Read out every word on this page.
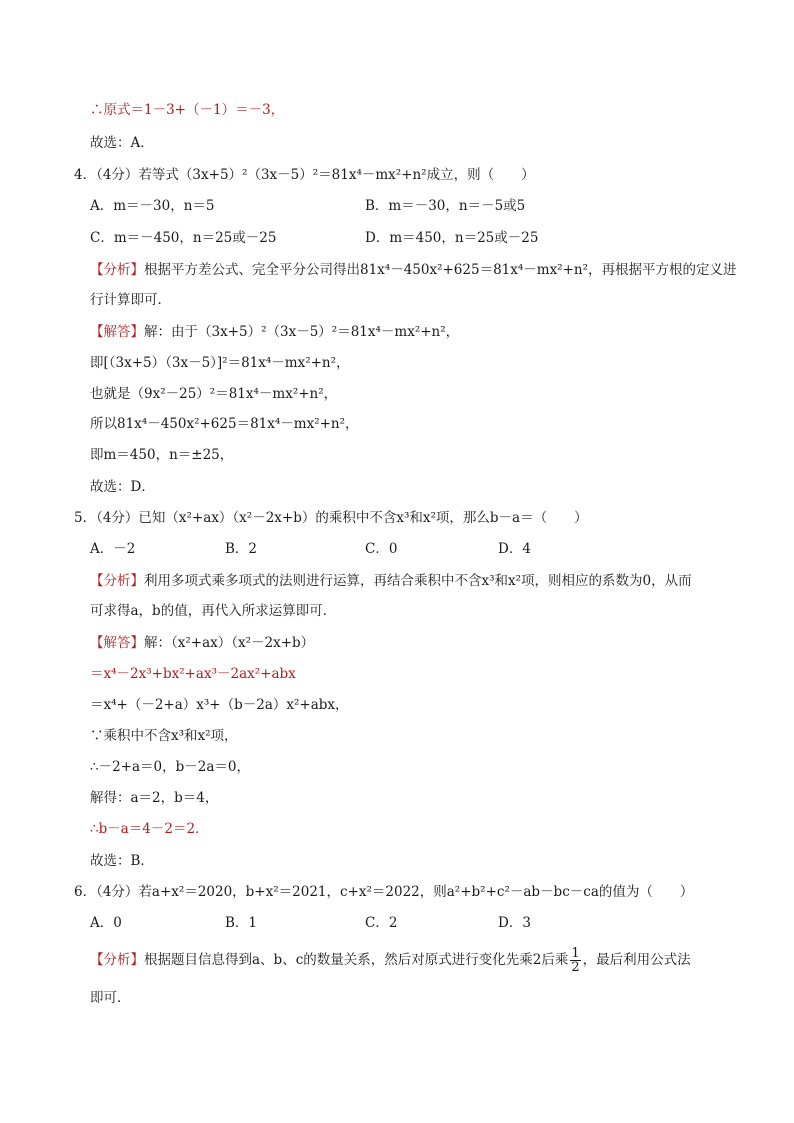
∴原式＝1－3+（－1）＝－3，
故选：A．
4．（4分）若等式（3x+5）²（3x－5）²＝81x⁴－mx²+n²成立，则（　　）
A．m＝－30，n＝5	B．m＝－30，n＝－5或5
C．m＝－450，n＝25或－25	D．m＝450，n＝25或－25
【分析】根据平方差公式、完全平分公司得出81x⁴－450x²+625＝81x⁴－mx²+n²，再根据平方根的定义进
行计算即可．
【解答】解：由于（3x+5）²（3x－5）²＝81x⁴－mx²+n²，
即[（3x+5）（3x－5）]²＝81x⁴－mx²+n²，
也就是（9x²－25）²＝81x⁴－mx²+n²，
所以81x⁴－450x²+625＝81x⁴－mx²+n²，
即m＝450，n＝±25，
故选：D．
5．（4分）已知（x²+ax）（x²－2x+b）的乘积中不含x³和x²项，那么b－a＝（　　）
A．－2	B．2	C．0	D．4
【分析】利用多项式乘多项式的法则进行运算，再结合乘积中不含x³和x²项，则相应的系数为0，从而
可求得a，b的值，再代入所求运算即可．
【解答】解：（x²+ax）（x²－2x+b）
＝x⁴－2x³+bx²+ax³－2ax²+abx
＝x⁴+（－2+a）x³+（b－2a）x²+abx，
∵乘积中不含x³和x²项，
∴－2+a＝0，b－2a＝0，
解得：a＝2，b＝4，
∴b－a＝4－2＝2．
故选：B．
6．（4分）若a+x²＝2020，b+x²＝2021，c+x²＝2022，则a²+b²+c²－ab－bc－ca的值为（　　）
A．0	B．1	C．2	D．3
【分析】根据题目信息得到a、b、c的数量关系，然后对原式进行变化先乘2后乘 $\frac{1}{2}$ ，最后利用公式法
即可．
